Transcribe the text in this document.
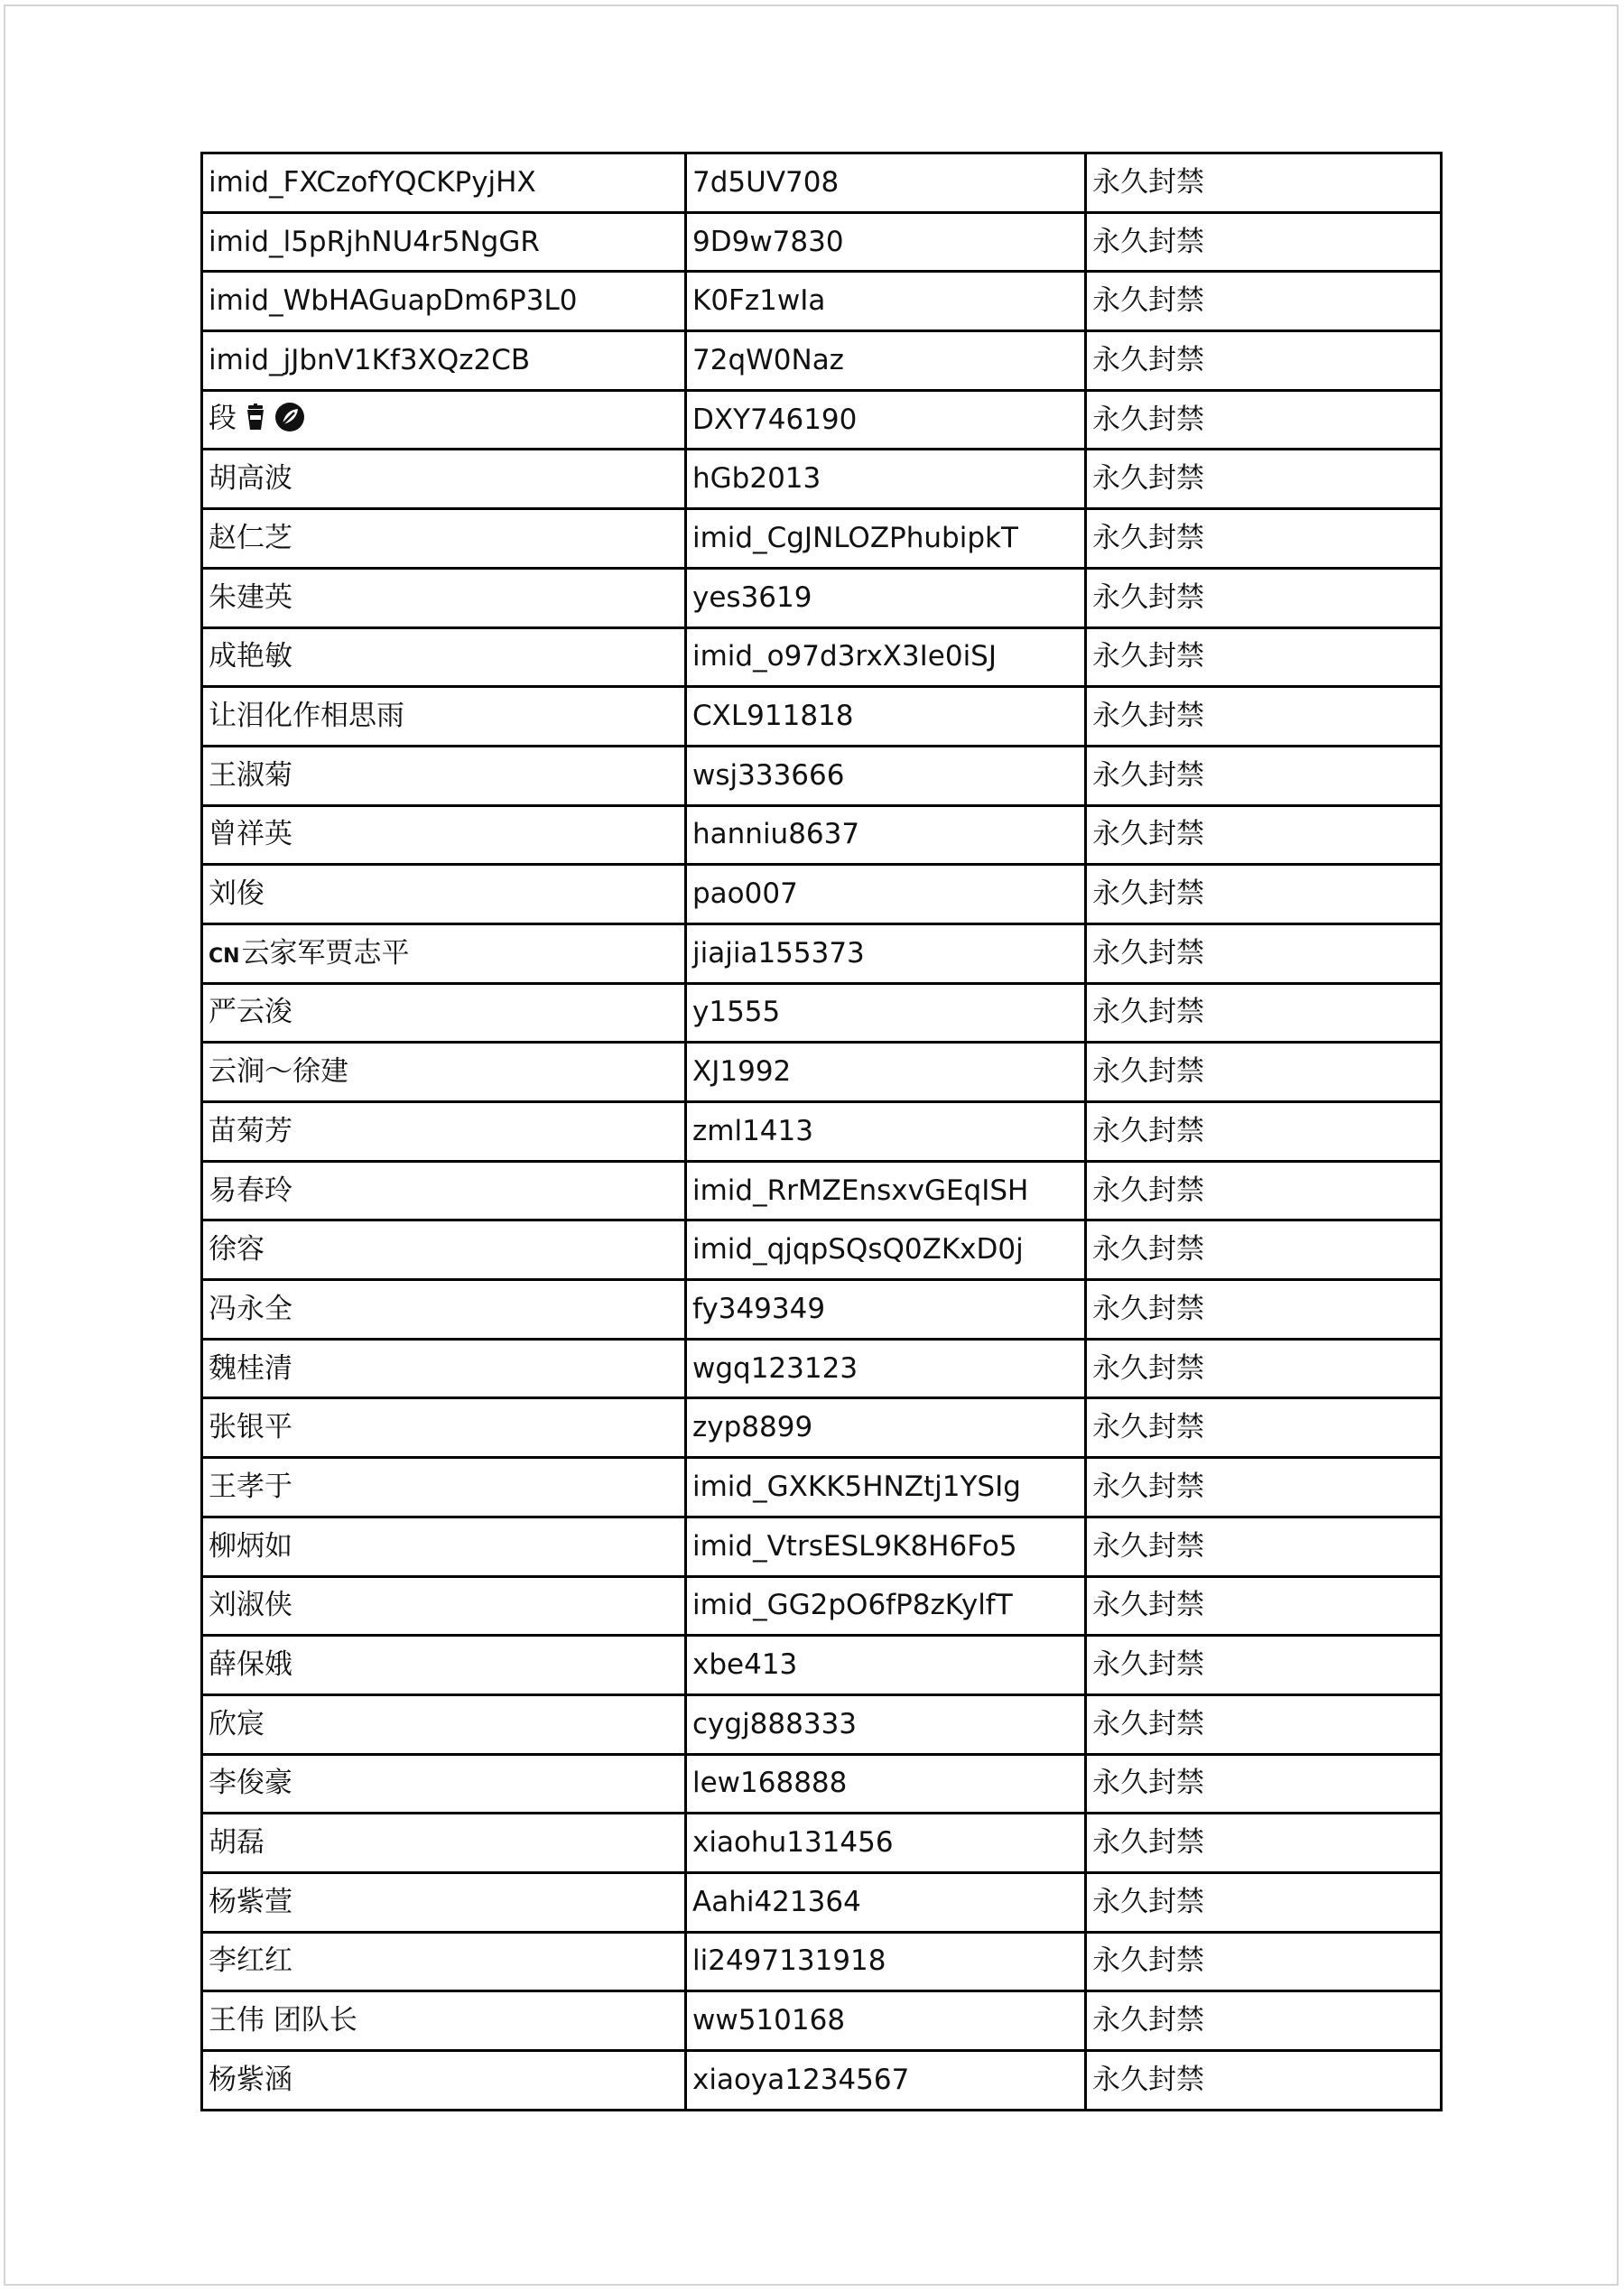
imid_FXCzofYQCKPyjHX	7d5UV708	永久封禁
imid_l5pRjhNU4r5NgGR	9D9w7830	永久封禁
imid_WbHAGuapDm6P3L0	K0Fz1wIa	永久封禁
imid_jJbnV1Kf3XQz2CB	72qW0Naz	永久封禁
段	DXY746190	永久封禁
胡高波	hGb2013	永久封禁
赵仁芝	imid_CgJNLOZPhubipkT	永久封禁
朱建英	yes3619	永久封禁
成艳敏	imid_o97d3rxX3Ie0iSJ	永久封禁
让泪化作相思雨	CXL911818	永久封禁
王淑菊	wsj333666	永久封禁
曾祥英	hanniu8637	永久封禁
刘俊	pao007	永久封禁
CN云家军贾志平	jiajia155373	永久封禁
严云浚	y1555	永久封禁
云涧～徐建	XJ1992	永久封禁
苗菊芳	zml1413	永久封禁
易春玲	imid_RrMZEnsxvGEqISH	永久封禁
徐容	imid_qjqpSQsQ0ZKxD0j	永久封禁
冯永全	fy349349	永久封禁
魏桂清	wgq123123	永久封禁
张银平	zyp8899	永久封禁
王孝于	imid_GXKK5HNZtj1YSIg	永久封禁
柳炳如	imid_VtrsESL9K8H6Fo5	永久封禁
刘淑侠	imid_GG2pO6fP8zKylfT	永久封禁
薛保娥	xbe413	永久封禁
欣宸	cygj888333	永久封禁
李俊豪	lew168888	永久封禁
胡磊	xiaohu131456	永久封禁
杨紫萱	Aahi421364	永久封禁
李红红	li2497131918	永久封禁
王伟 团队长	ww510168	永久封禁
杨紫涵	xiaoya1234567	永久封禁
